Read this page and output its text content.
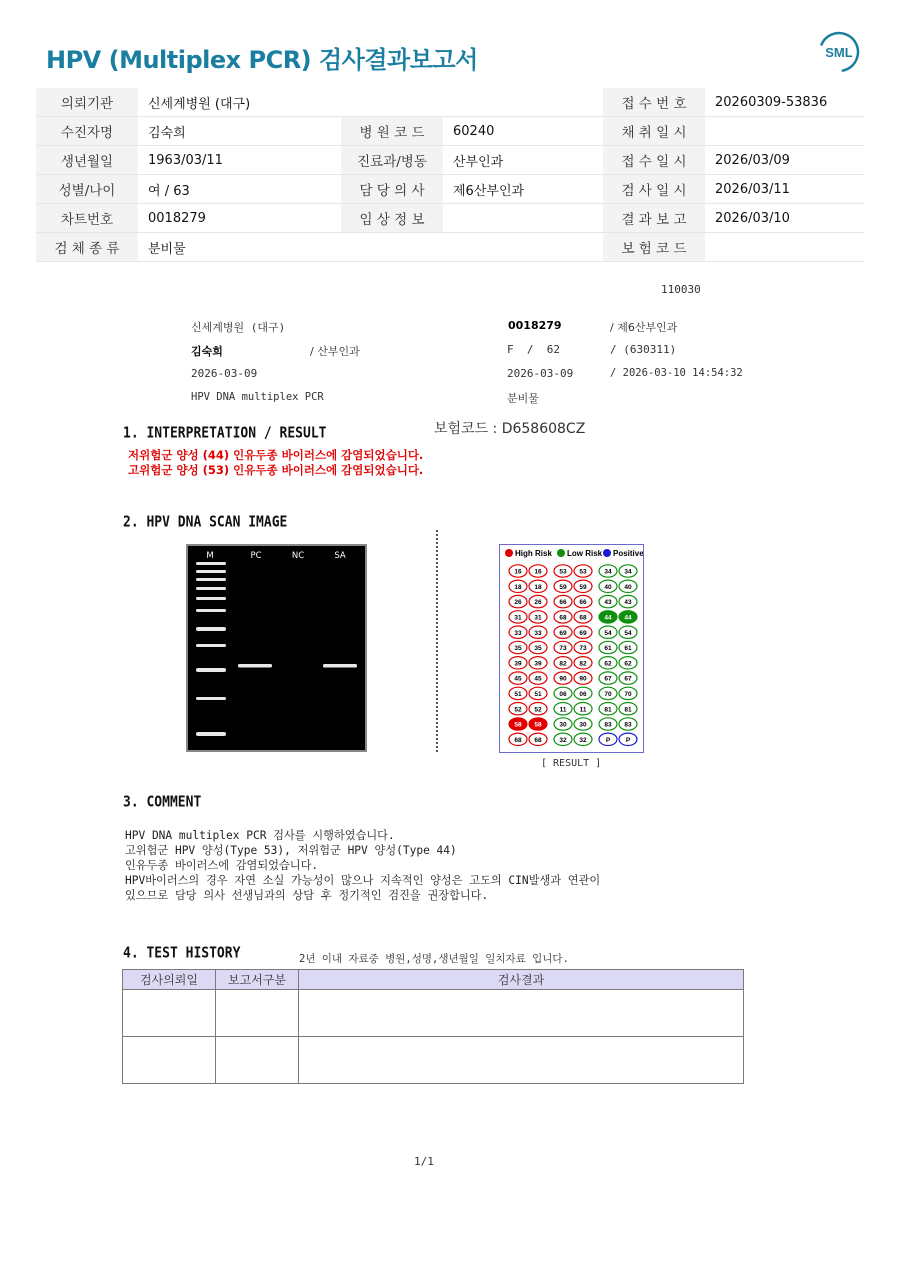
HPV (Multiplex PCR) 검사결과보고서	SML
의뢰기관	신세계병원 (대구)			접 수 번 호	20260309-53836
수진자명	김숙희	병 원 코 드	60240	채 취 일 시	
생년월일	1963/03/11	진료과/병동	산부인과	접 수 일 시	2026/03/09
성별/나이	여 / 63	담 당 의 사	제6산부인과	검 사 일 시	2026/03/11
차트번호	0018279	임 상 정 보		결 과 보 고	2026/03/10
검 체 종 류	분비물			보 험 코 드	
110030
신세계병원 (대구)	0018279	/ 제6산부인과
김숙희	/ 산부인과	F  /  62	/ (630311)
2026-03-09	2026-03-09	/ 2026-03-10 14:54:32
HPV DNA multiplex PCR	분비물
보험코드 : D658608CZ
1. INTERPRETATION / RESULT
저위험군 양성 (44) 인유두종 바이러스에 감염되었습니다.
고위험군 양성 (53) 인유두종 바이러스에 감염되었습니다.
2. HPV DNA SCAN IMAGE
M	PC	NC	SA	High Risk Low Risk Positive
16 16	53 53	34 34
18 18	59 59	40 40
26 26	66 66	43 43
31 31	68 68	44 44
33 33	69 69	54 54
35 35	73 73	61 61
39 39	82 82	62 62
45 45	90 90	67 67
51 51	06 06	70 70
52 52	11 11	81 81
58 58	30 30	83 83
68 68	32 32	P P
[ RESULT ]
3. COMMENT
HPV DNA multiplex PCR 검사를 시행하였습니다.
고위험군 HPV 양성(Type 53), 저위험군 HPV 양성(Type 44)
인유두종 바이러스에 감염되었습니다.
HPV바이러스의 경우 자연 소실 가능성이 많으나 지속적인 양성은 고도의 CIN발생과 연관이
있으므로 담당 의사 선생님과의 상담 후 정기적인 검진을 권장합니다.
4. TEST HISTORY	2년 이내 자료중 병원,성명,생년월일 일치자료 입니다.
검사의뢰일	보고서구분	검사결과

1/1
